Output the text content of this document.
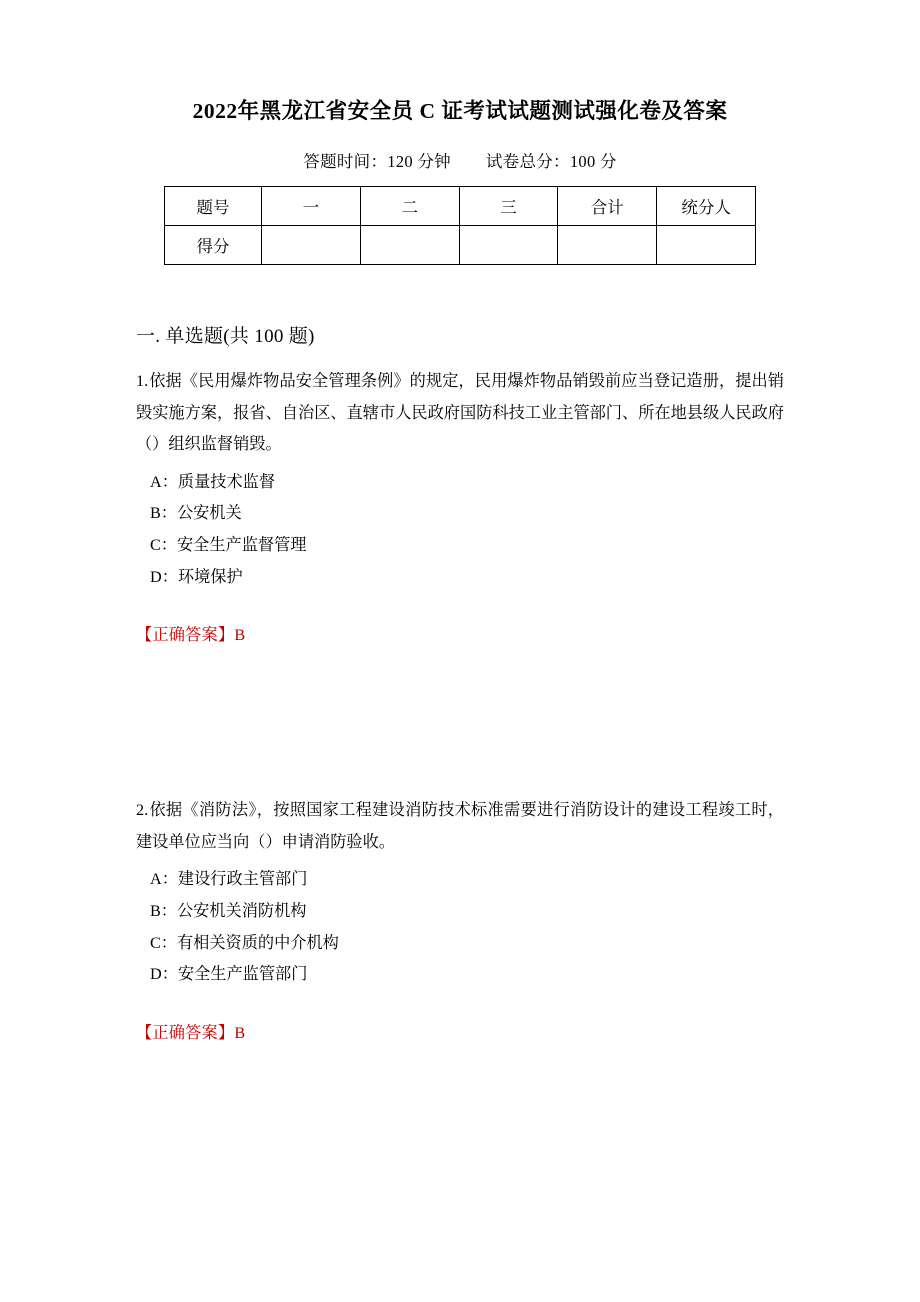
2022年黑龙江省安全员 C 证考试试题测试强化卷及答案
答题时间：120 分钟 试卷总分：100 分
题号	一	二	三	合计	统分人
得分					
一. 单选题(共 100 题)

1.依据《民用爆炸物品安全管理条例》的规定，民用爆炸物品销毁前应当登记造册，提出销毁实施方案，报省、自治区、直辖市人民政府国防科技工业主管部门、所在地县级人民政府（）组织监督销毁。

A：质量技术监督

B：公安机关

C：安全生产监督管理

D：环境保护

【正确答案】B

2.依据《消防法》，按照国家工程建设消防技术标准需要进行消防设计的建设工程竣工时，建设单位应当向（）申请消防验收。

A：建设行政主管部门

B：公安机关消防机构

C：有相关资质的中介机构

D：安全生产监管部门

【正确答案】B
